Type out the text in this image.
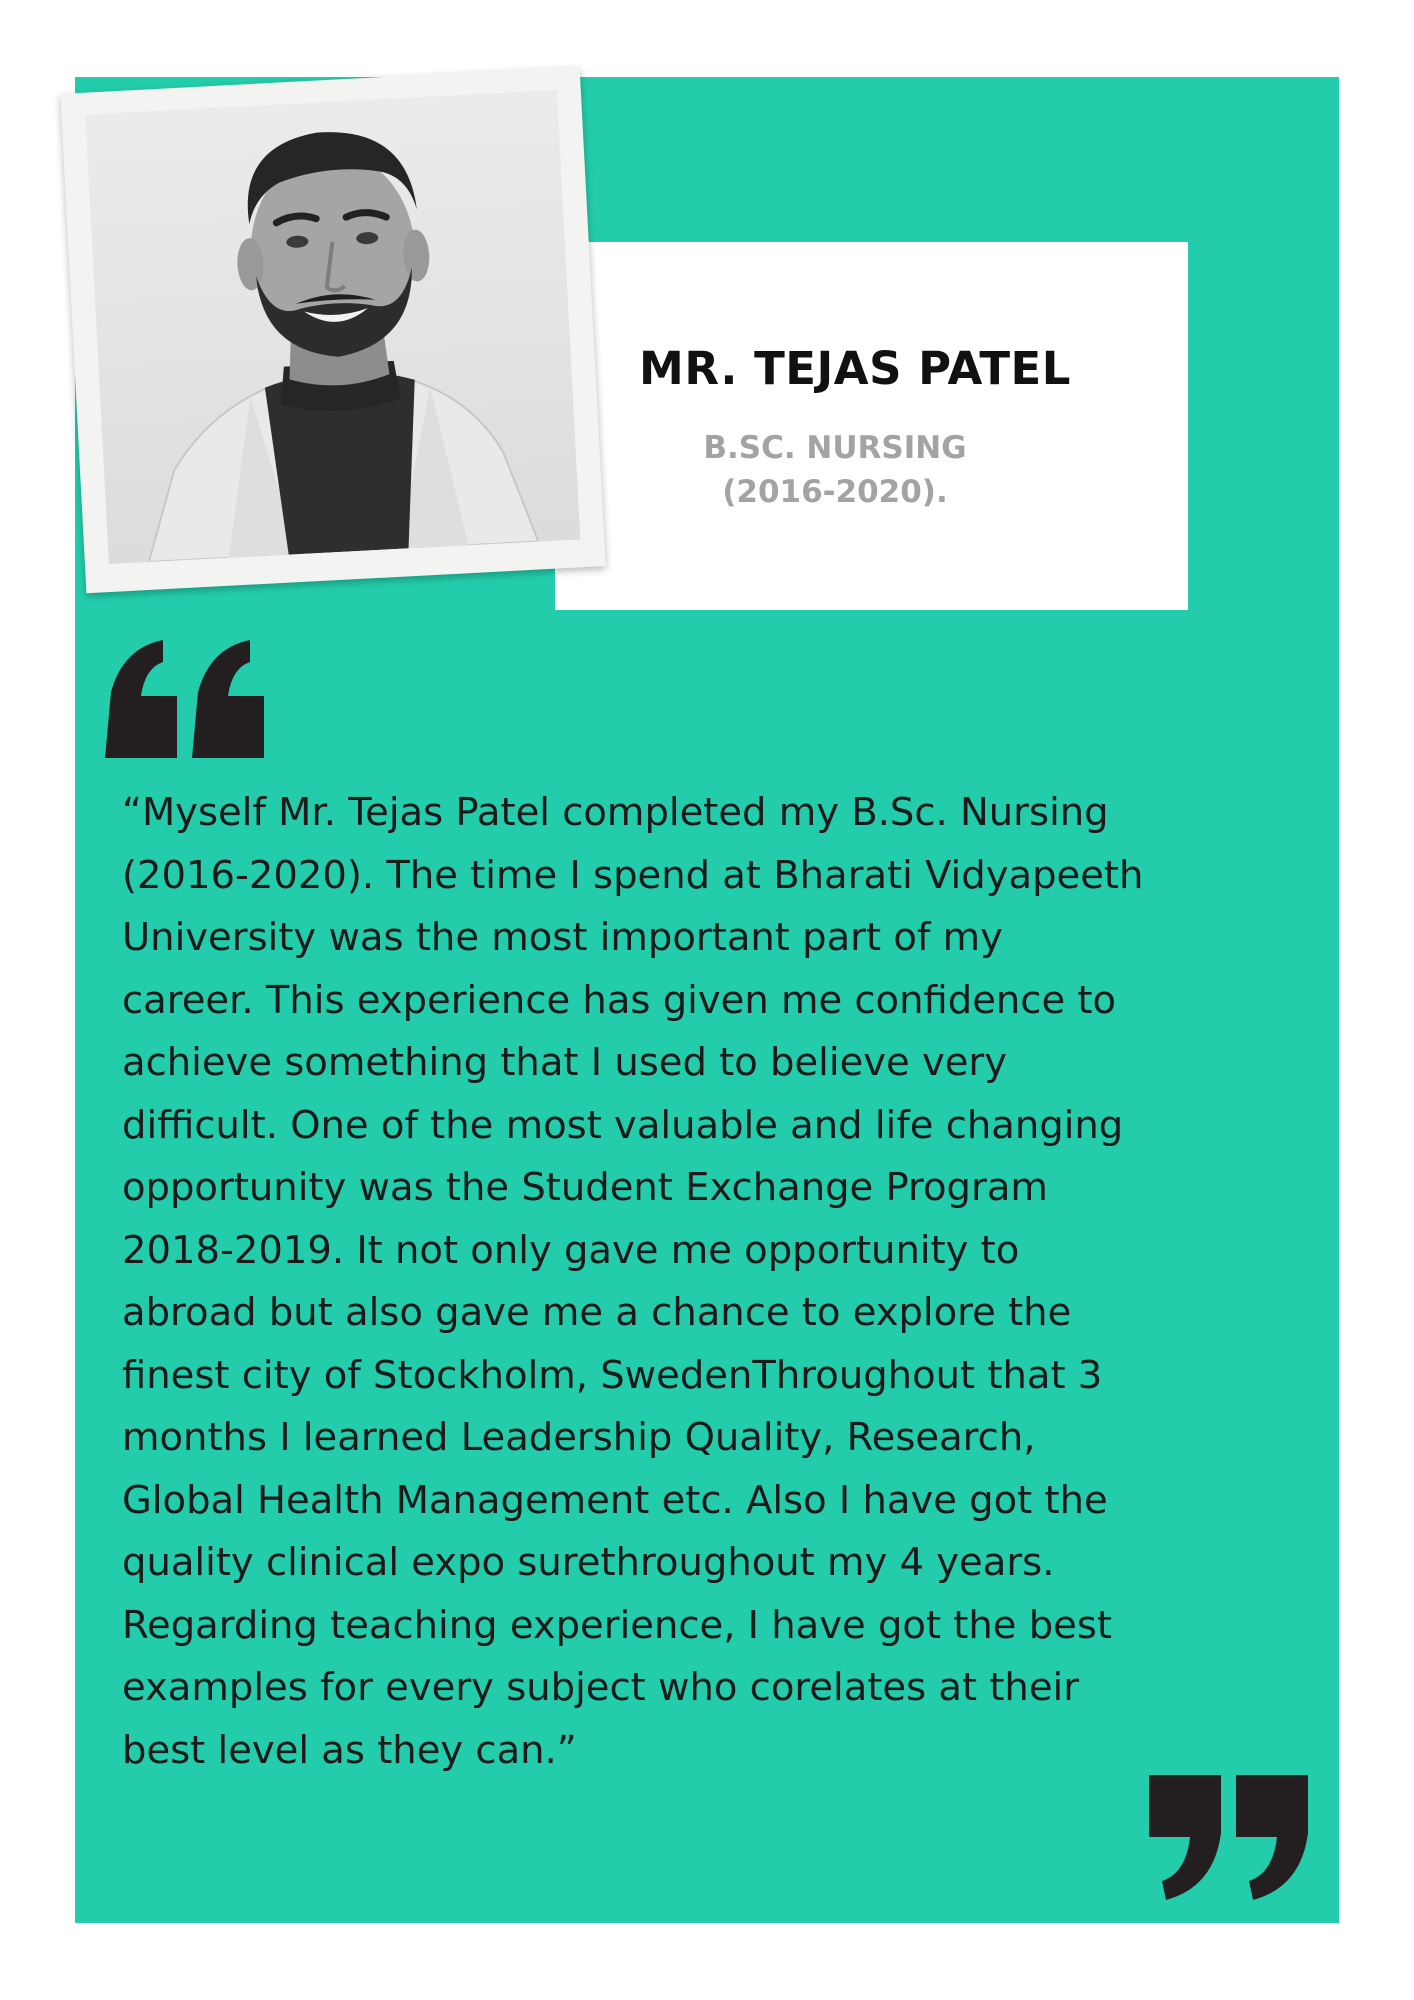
MR. TEJAS PATEL
B.SC. NURSING
(2016-2020).

“Myself Mr. Tejas Patel completed my B.Sc. Nursing
(2016-2020). The time I spend at Bharati Vidyapeeth
University was the most important part of my
career. This experience has given me confidence to
achieve something that I used to believe very
difficult. One of the most valuable and life changing
opportunity was the Student Exchange Program
2018-2019. It not only gave me opportunity to
abroad but also gave me a chance to explore the
finest city of Stockholm, SwedenThroughout that 3
months I learned Leadership Quality, Research,
Global Health Management etc. Also I have got the
quality clinical expo surethroughout my 4 years.
Regarding teaching experience, I have got the best
examples for every subject who corelates at their
best level as they can.”
